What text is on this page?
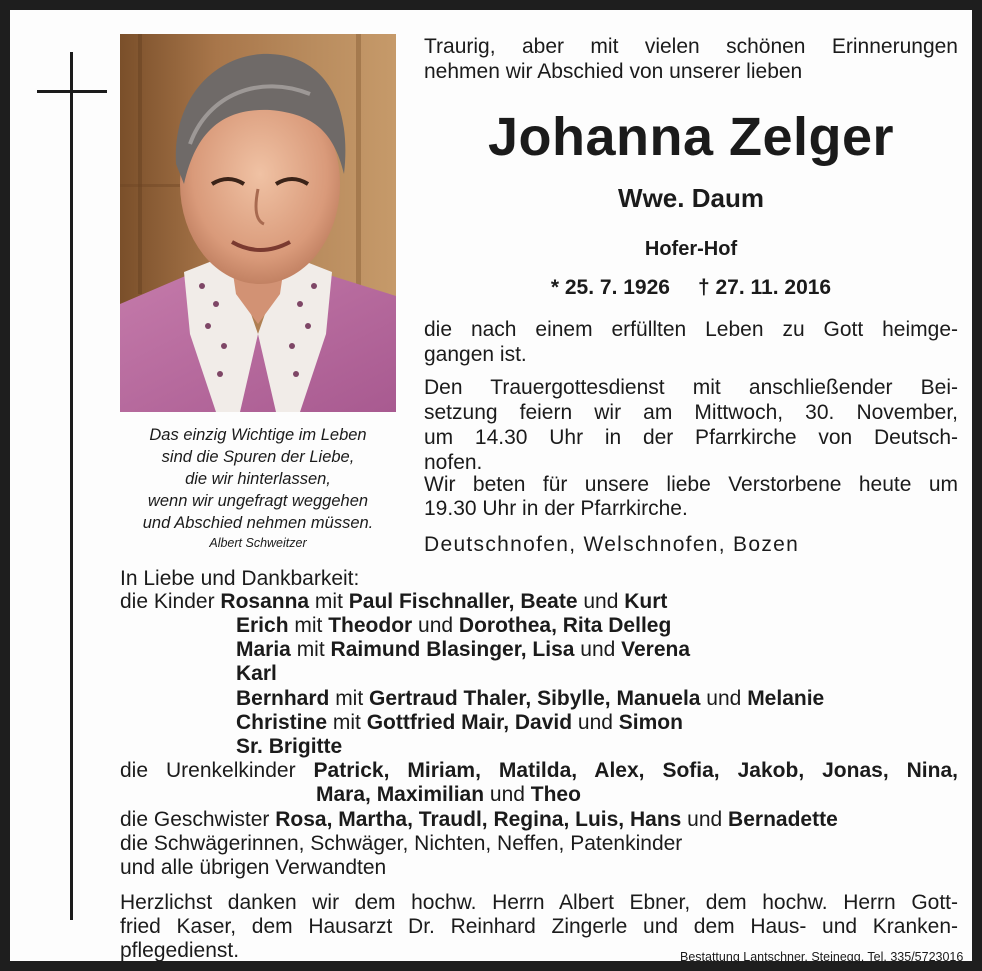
Das einzig Wichtige im Leben
sind die Spuren der Liebe,
die wir hinterlassen,
wenn wir ungefragt weggehen
und Abschied nehmen müssen.
Albert Schweitzer
Traurig, aber mit vielen schönen Erinnerungen
nehmen wir Abschied von unserer lieben
Johanna Zelger
Wwe. Daum
Hofer-Hof
* 25. 7. 1926 † 27. 11. 2016
die nach einem erfüllten Leben zu Gott heimge-
gangen ist.
Den Trauergottesdienst mit anschließender Bei-
setzung feiern wir am Mittwoch, 30. November,
um 14.30 Uhr in der Pfarrkirche von Deutsch-
nofen.
Wir beten für unsere liebe Verstorbene heute um
19.30 Uhr in der Pfarrkirche.
Deutschnofen, Welschnofen, Bozen
In Liebe und Dankbarkeit:
die Kinder Rosanna mit Paul Fischnaller, Beate und Kurt
Erich mit Theodor und Dorothea, Rita Delleg
Maria mit Raimund Blasinger, Lisa und Verena
Karl
Bernhard mit Gertraud Thaler, Sibylle, Manuela und Melanie
Christine mit Gottfried Mair, David und Simon
Sr. Brigitte
die Urenkelkinder Patrick, Miriam, Matilda, Alex, Sofia, Jakob, Jonas, Nina,
Mara, Maximilian und Theo
die Geschwister Rosa, Martha, Traudl, Regina, Luis, Hans und Bernadette
die Schwägerinnen, Schwäger, Nichten, Neffen, Patenkinder
und alle übrigen Verwandten
Herzlichst danken wir dem hochw. Herrn Albert Ebner, dem hochw. Herrn Gott-
fried Kaser, dem Hausarzt Dr. Reinhard Zingerle und dem Haus- und Kranken-
pflegedienst.	Bestattung Lantschner, Steinegg, Tel. 335/5723016
